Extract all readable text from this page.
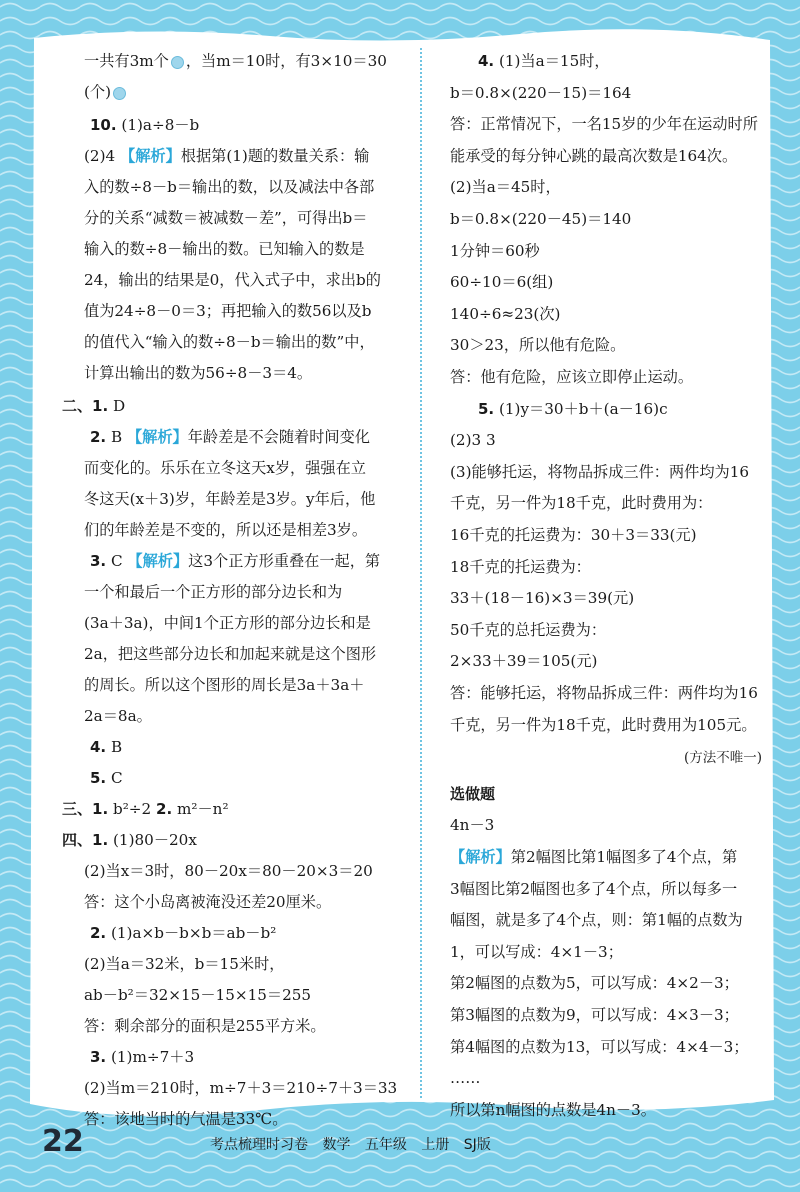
一共有3m个 ，当m＝10时，有3×10＝30
(个)
10. (1)a÷8－b
(2)4 【解析】根据第(1)题的数量关系：输
入的数÷8－b＝输出的数，以及减法中各部
分的关系“减数＝被减数－差”，可得出b＝
输入的数÷8－输出的数。已知输入的数是
24，输出的结果是0，代入式子中，求出b的
值为24÷8－0＝3；再把输入的数56以及b
的值代入“输入的数÷8－b＝输出的数”中，
计算出输出的数为56÷8－3＝4。
二、1. D
2. B 【解析】年龄差是不会随着时间变化
而变化的。乐乐在立冬这天x岁，强强在立
冬这天(x＋3)岁，年龄差是3岁。y年后，他
们的年龄差是不变的，所以还是相差3岁。
3. C 【解析】这3个正方形重叠在一起，第
一个和最后一个正方形的部分边长和为
(3a＋3a)，中间1个正方形的部分边长和是
2a，把这些部分边长和加起来就是这个图形
的周长。所以这个图形的周长是3a＋3a＋
2a＝8a。
4. B
5. C
三、1. b²÷2 2. m²－n²
四、1. (1)80－20x
(2)当x＝3时，80－20x＝80－20×3＝20
答：这个小岛离被淹没还差20厘米。
2. (1)a×b－b×b＝ab－b²
(2)当a＝32米，b＝15米时，
ab－b²＝32×15－15×15＝255
答：剩余部分的面积是255平方米。
3. (1)m÷7＋3
(2)当m＝210时，m÷7＋3＝210÷7＋3＝33
答：该地当时的气温是33℃。
4. (1)当a＝15时，
b＝0.8×(220－15)＝164
答：正常情况下，一名15岁的少年在运动时所
能承受的每分钟心跳的最高次数是164次。
(2)当a＝45时，
b＝0.8×(220－45)＝140
1分钟＝60秒
60÷10＝6(组)
140÷6≈23(次)
30＞23，所以他有危险。
答：他有危险，应该立即停止运动。
5. (1)y＝30＋b＋(a－16)c
(2)3 3
(3)能够托运，将物品拆成三件：两件均为16
千克，另一件为18千克，此时费用为：
16千克的托运费为：30＋3＝33(元)
18千克的托运费为：
33＋(18－16)×3＝39(元)
50千克的总托运费为：
2×33＋39＝105(元)
答：能够托运，将物品拆成三件：两件均为16
千克，另一件为18千克，此时费用为105元。
(方法不唯一)
选做题
4n－3
【解析】第2幅图比第1幅图多了4个点，第
3幅图比第2幅图也多了4个点，所以每多一
幅图，就是多了4个点，则：第1幅的点数为
1，可以写成：4×1－3；
第2幅图的点数为5，可以写成：4×2－3；
第3幅图的点数为9，可以写成：4×3－3；
第4幅图的点数为13，可以写成：4×4－3；
……
所以第n幅图的点数是4n－3。
22	考点梳理时习卷 数学 五年级 上册 SJ版
